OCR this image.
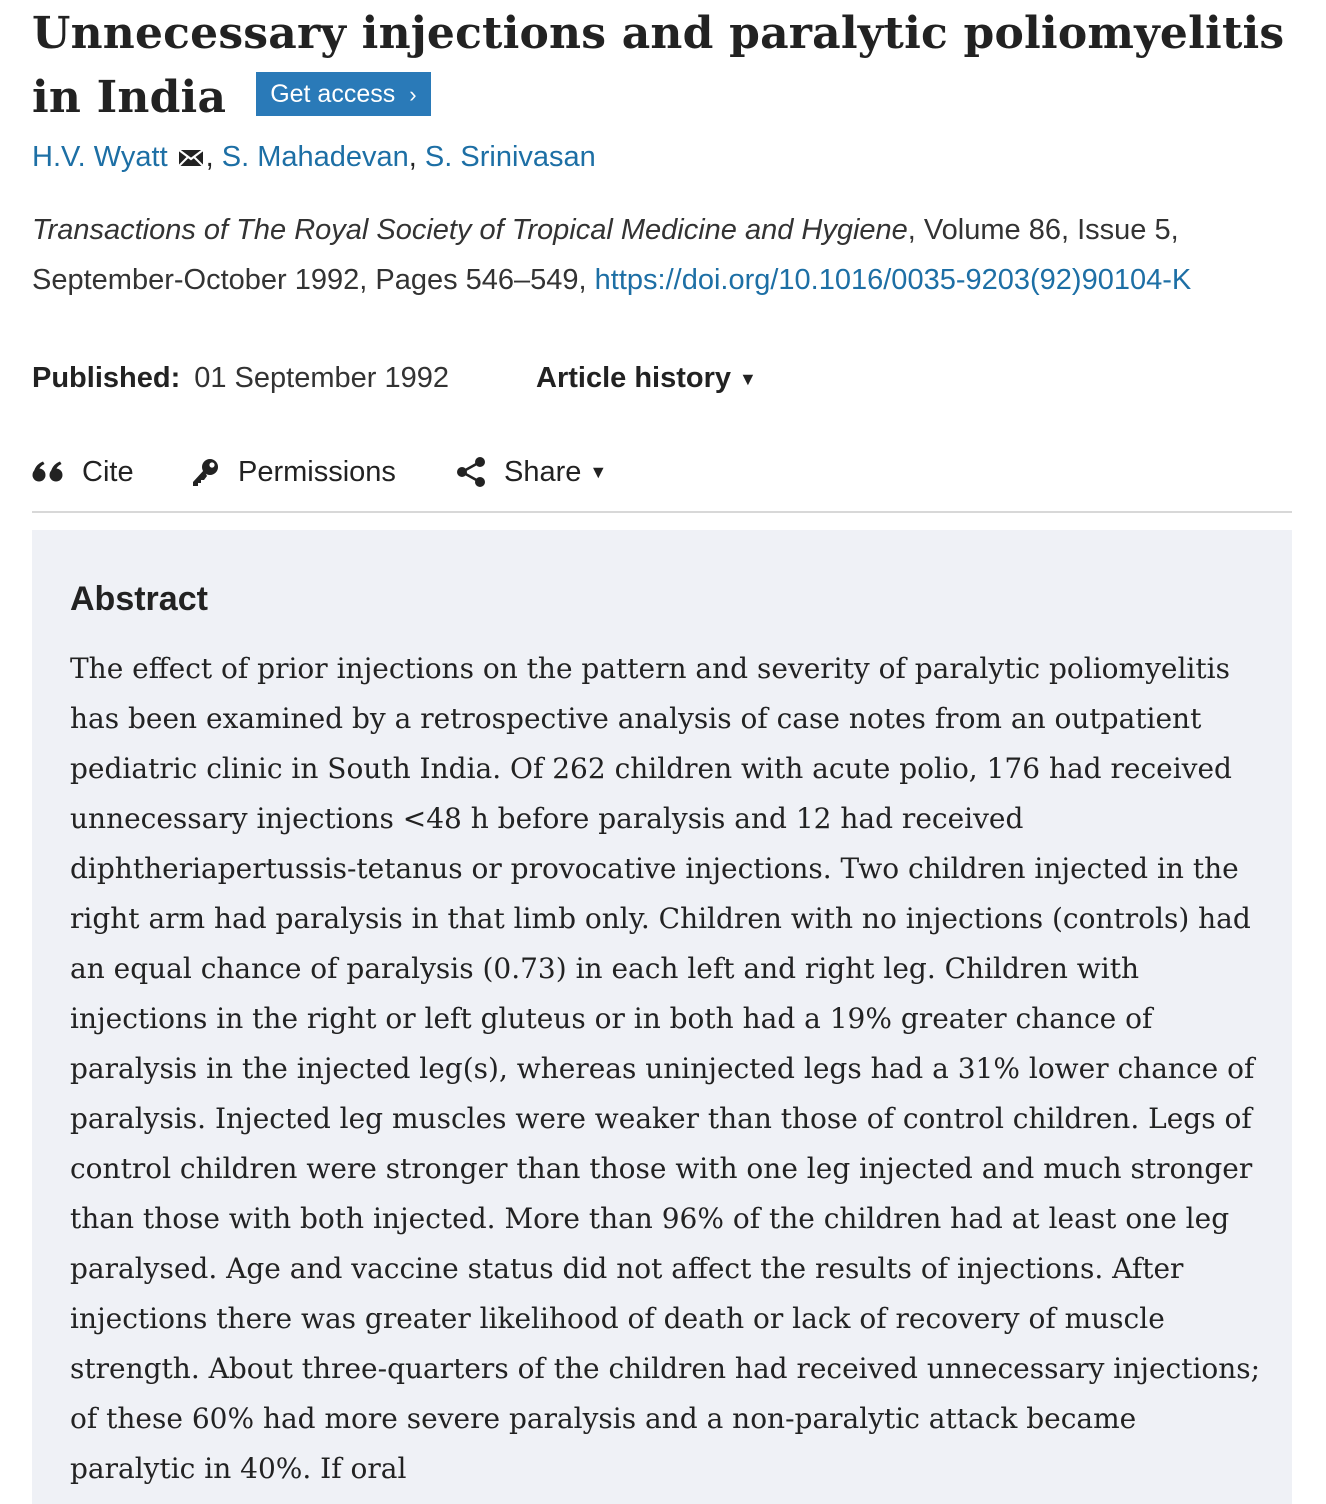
Unnecessary injections and paralytic poliomyelitis in India Get access ›
H.V. Wyatt , S. Mahadevan, S. Srinivasan
Transactions of The Royal Society of Tropical Medicine and Hygiene, Volume 86, Issue 5, September-October 1992, Pages 546–549, https://doi.org/10.1016/0035-9203(92)90104-K
Published: 01 September 1992	Article history ▼
Cite	Permissions	Share ▼
Abstract

The effect of prior injections on the pattern and severity of paralytic poliomyelitis has been examined by a retrospective analysis of case notes from an outpatient pediatric clinic in South India. Of 262 children with acute polio, 176 had received unnecessary injections <48 h before paralysis and 12 had received diphtheriapertussis-tetanus or provocative injections. Two children injected in the right arm had paralysis in that limb only. Children with no injections (controls) had an equal chance of paralysis (0.73) in each left and right leg. Children with injections in the right or left gluteus or in both had a 19% greater chance of paralysis in the injected leg(s), whereas uninjected legs had a 31% lower chance of paralysis. Injected leg muscles were weaker than those of control children. Legs of control children were stronger than those with one leg injected and much stronger than those with both injected. More than 96% of the children had at least one leg paralysed. Age and vaccine status did not affect the results of injections. After injections there was greater likelihood of death or lack of recovery of muscle strength. About three-quarters of the children had received unnecessary injections; of these 60% had more severe paralysis and a non-paralytic attack became paralytic in 40%. If oral
